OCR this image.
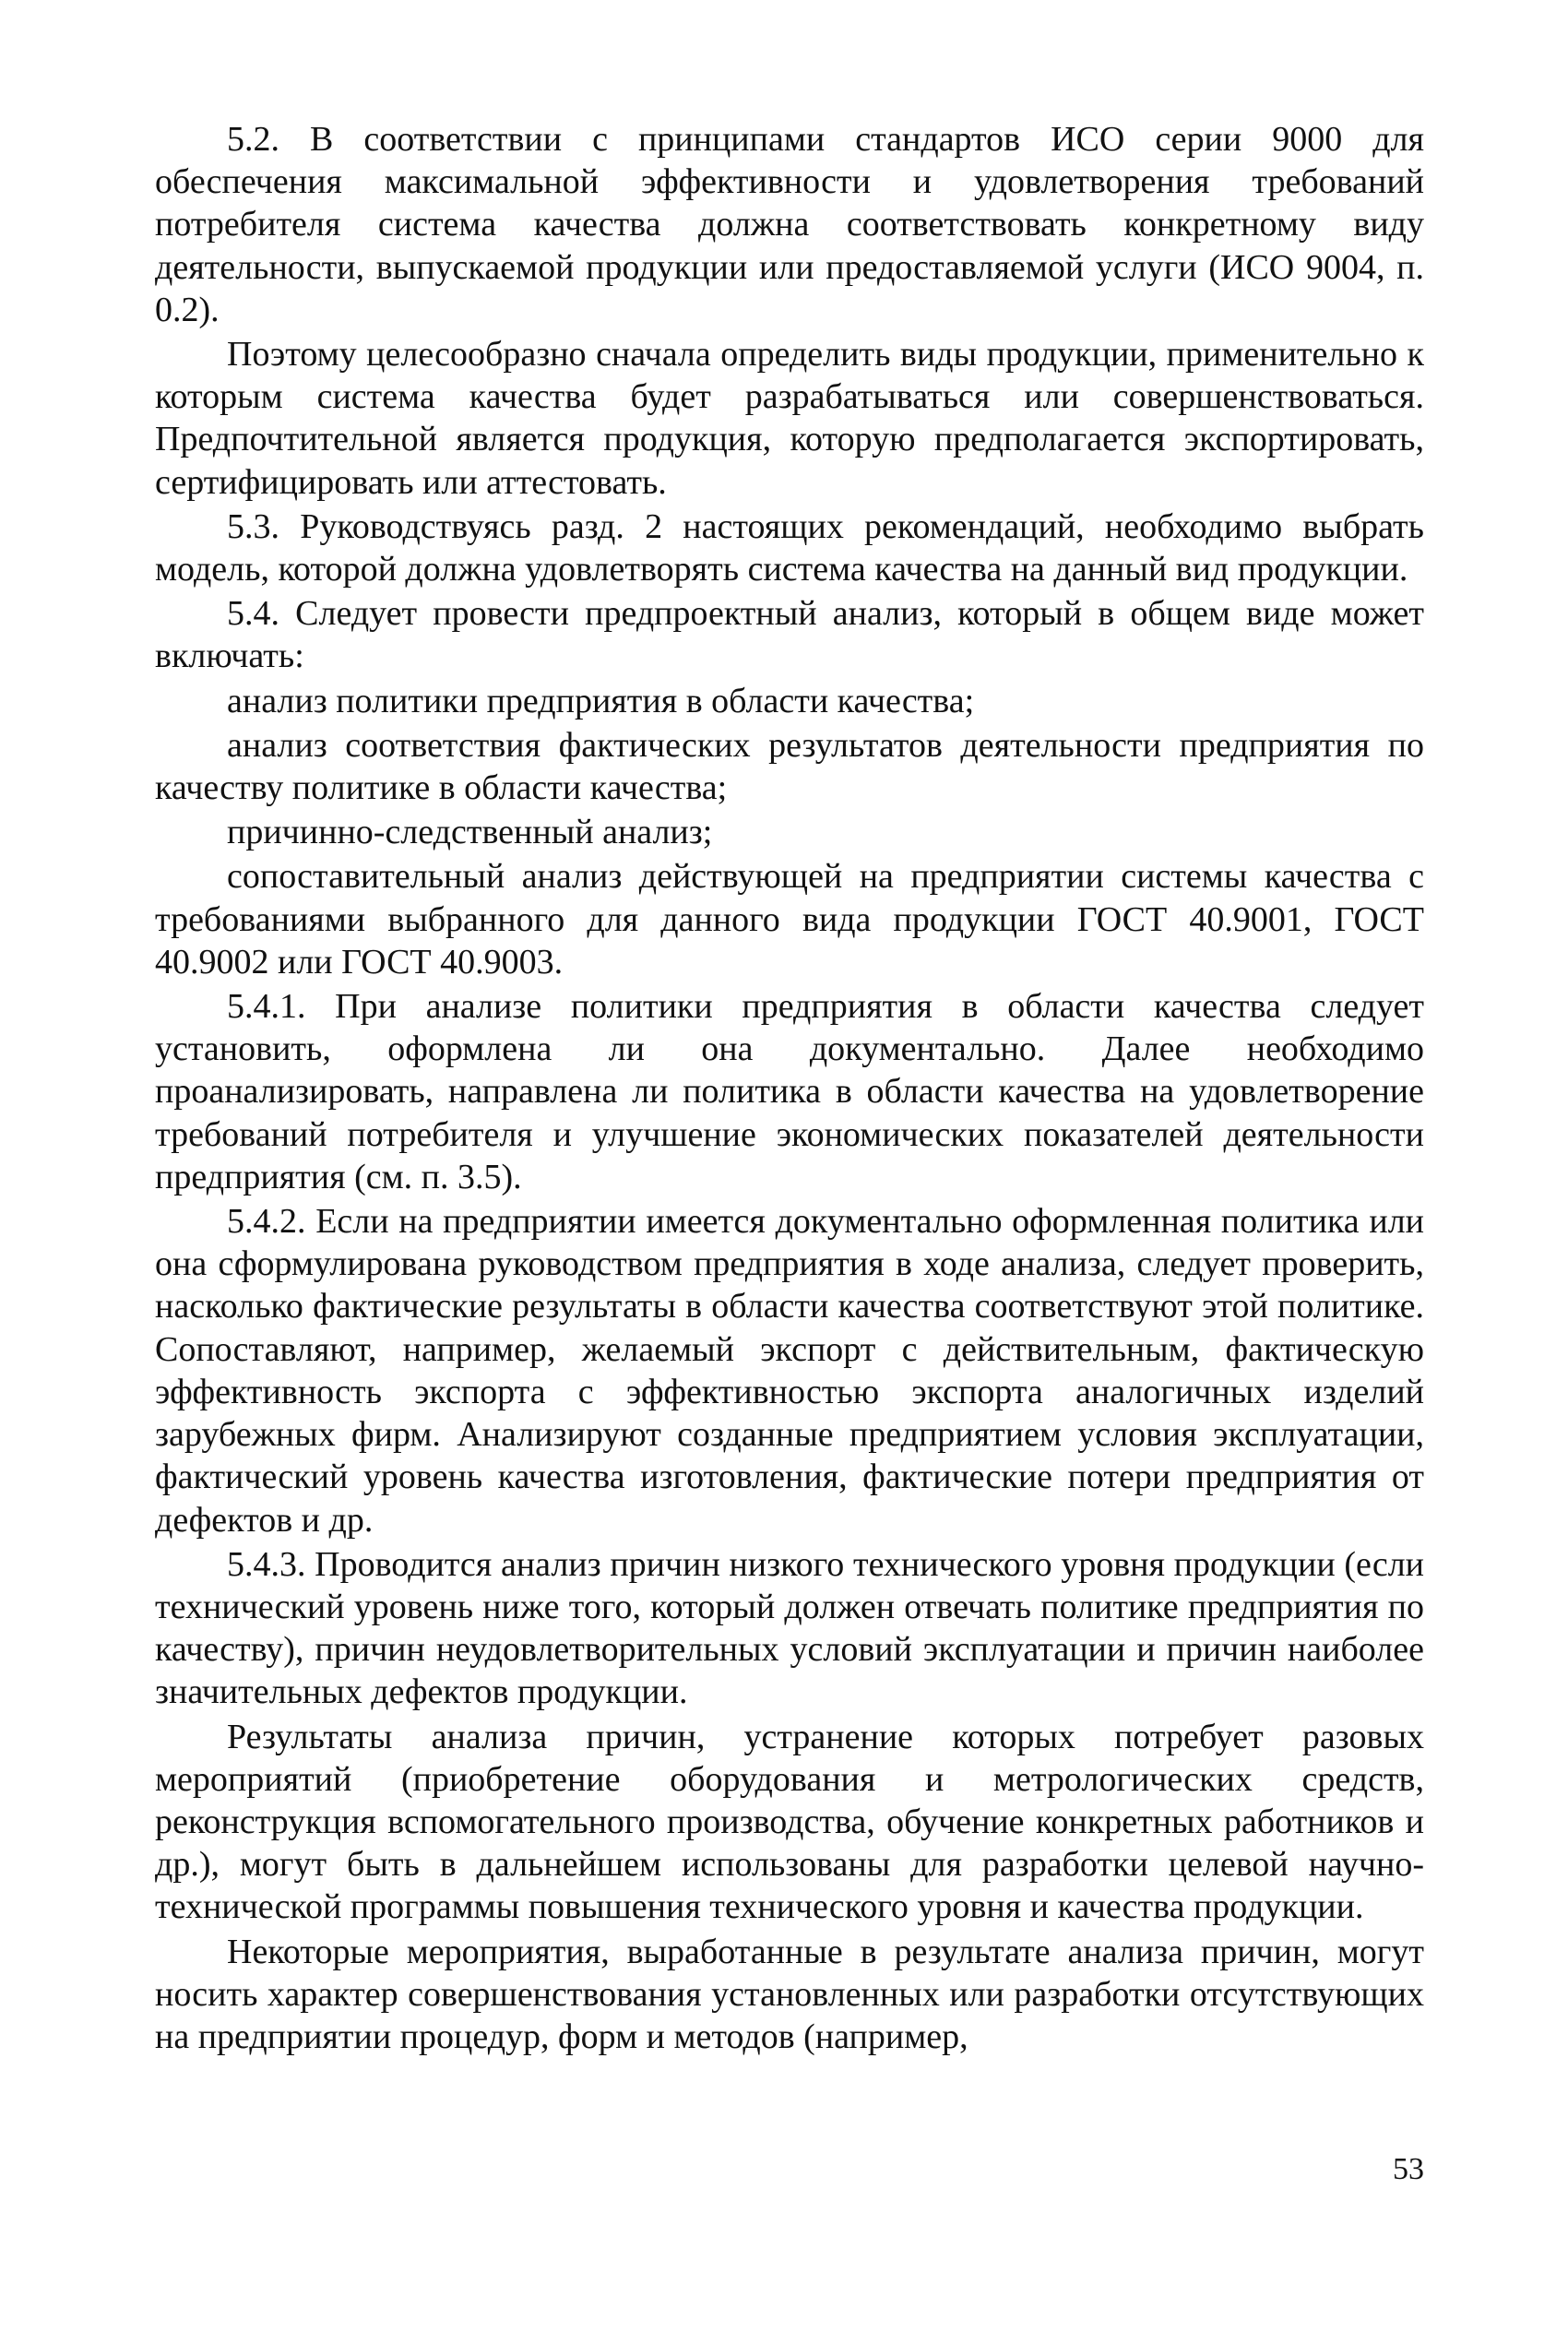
5.2. В соответствии с принципами стандартов ИСО серии 9000 для обеспечения максимальной эффективности и удовлетворения требований потребителя система качества должна соответствовать конкретному виду деятельности, выпускаемой продукции или предоставляемой услуги (ИСО 9004, п. 0.2).

Поэтому целесообразно сначала определить виды продукции, применительно к которым система качества будет разрабатываться или совершенствоваться. Предпочтительной является продукция, которую предполагается экспортировать, сертифицировать или аттестовать.

5.3. Руководствуясь разд. 2 настоящих рекомендаций, необходимо выбрать модель, которой должна удовлетворять система качества на данный вид продукции.

5.4. Следует провести предпроектный анализ, который в общем виде может включать:

анализ политики предприятия в области качества;

анализ соответствия фактических результатов деятельности предприятия по качеству политике в области качества;

причинно-следственный анализ;

сопоставительный анализ действующей на предприятии системы качества с требованиями выбранного для данного вида продукции ГОСТ 40.9001, ГОСТ 40.9002 или ГОСТ 40.9003.

5.4.1. При анализе политики предприятия в области качества следует установить, оформлена ли она документально. Далее необходимо проанализировать, направлена ли политика в области качества на удовлетворение требований потребителя и улучшение экономических показателей деятельности предприятия (см. п. 3.5).

5.4.2. Если на предприятии имеется документально оформленная политика или она сформулирована руководством предприятия в ходе анализа, следует проверить, насколько фактические результаты в области качества соответствуют этой политике. Сопоставляют, например, желаемый экспорт с действительным, фактическую эффективность экспорта с эффективностью экспорта аналогичных изделий зарубежных фирм. Анализируют созданные предприятием условия эксплуатации, фактический уровень качества изготовления, фактические потери предприятия от дефектов и др.

5.4.3. Проводится анализ причин низкого технического уровня продукции (если технический уровень ниже того, который должен отвечать политике предприятия по качеству), причин неудовлетворительных условий эксплуатации и причин наиболее значительных дефектов продукции.

Результаты анализа причин, устранение которых потребует разовых мероприятий (приобретение оборудования и метрологических средств, реконструкция вспомогательного производства, обучение конкретных работников и др.), могут быть в дальнейшем использованы для разработки целевой научно-технической программы повышения технического уровня и качества продукции.

Некоторые мероприятия, выработанные в результате анализа причин, могут носить характер совершенствования установленных или разработки отсутствующих на предприятии процедур, форм и методов (например,

53
